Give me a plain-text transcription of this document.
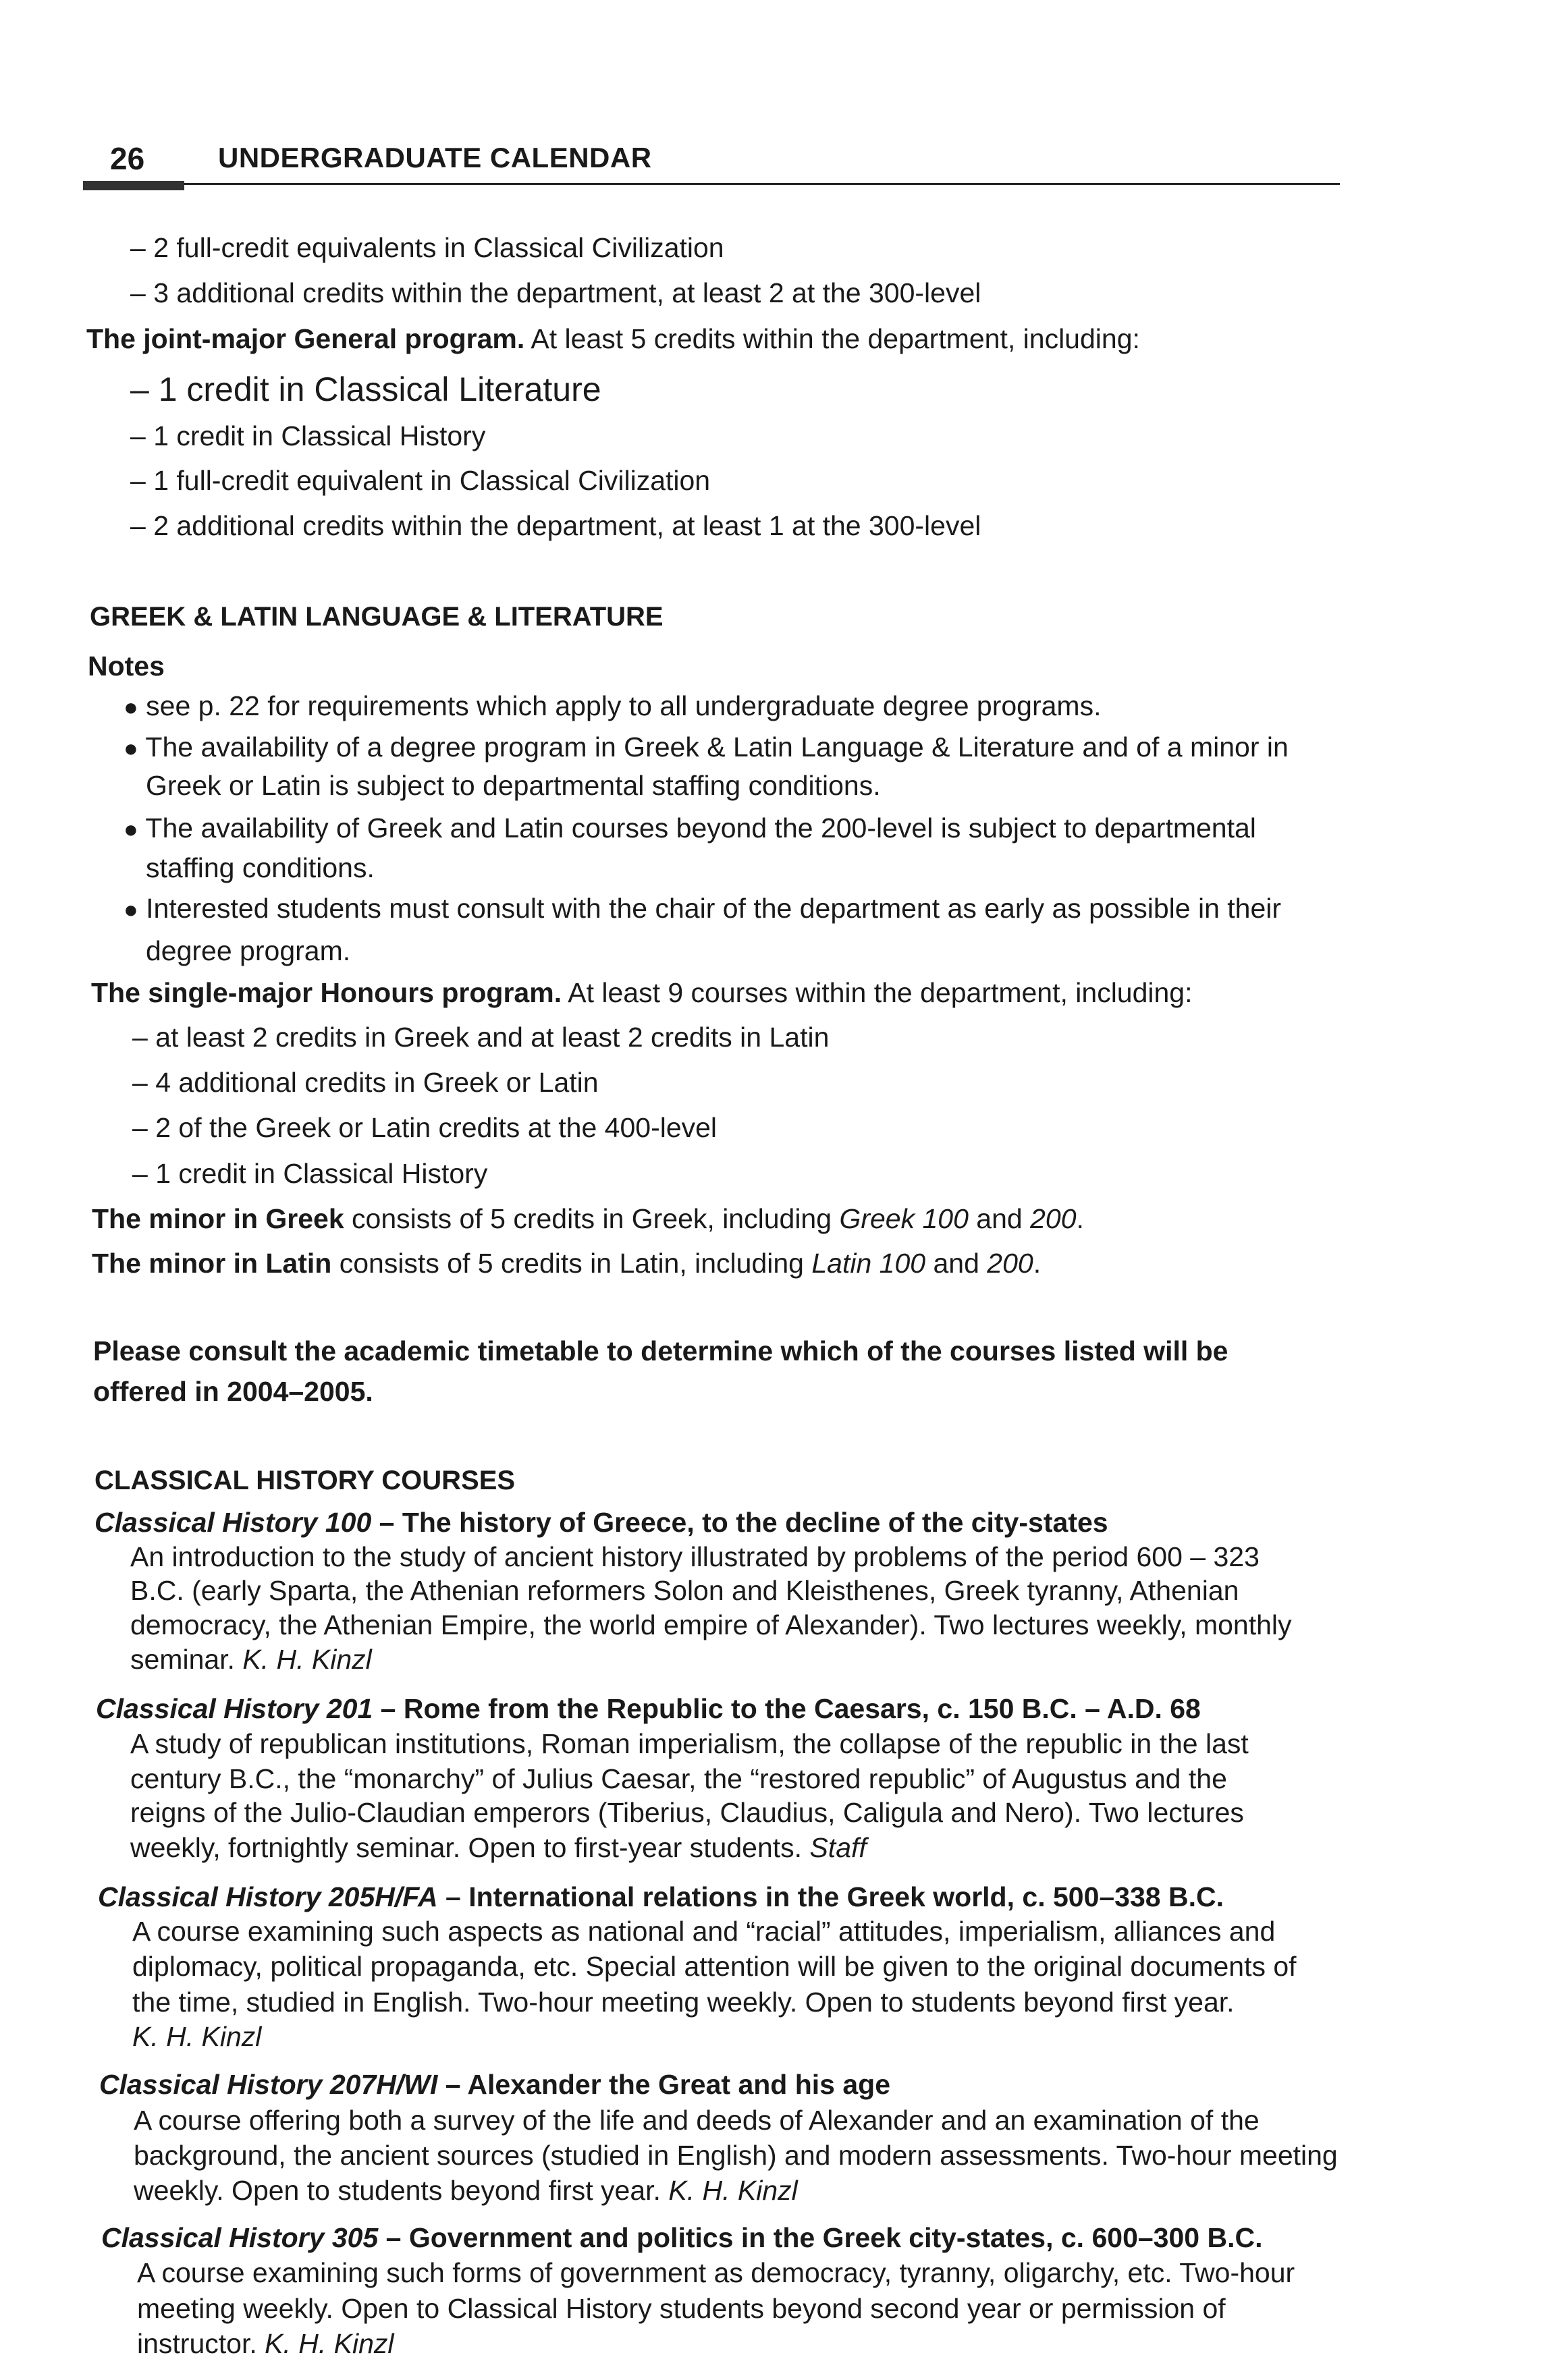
26	UNDERGRADUATE CALENDAR
– 2 full-credit equivalents in Classical Civilization
– 3 additional credits within the department, at least 2 at the 300-level
The joint-major General program. At least 5 credits within the department, including:
– 1 credit in Classical Literature
– 1 credit in Classical History
– 1 full-credit equivalent in Classical Civilization
– 2 additional credits within the department, at least 1 at the 300-level
GREEK & LATIN LANGUAGE & LITERATURE
Notes
● see p. 22 for requirements which apply to all undergraduate degree programs.
● The availability of a degree program in Greek & Latin Language & Literature and of a minor in
Greek or Latin is subject to departmental staffing conditions.
● The availability of Greek and Latin courses beyond the 200-level is subject to departmental
staffing conditions.
● Interested students must consult with the chair of the department as early as possible in their
degree program.
The single-major Honours program. At least 9 courses within the department, including:
– at least 2 credits in Greek and at least 2 credits in Latin
– 4 additional credits in Greek or Latin
– 2 of the Greek or Latin credits at the 400-level
– 1 credit in Classical History
The minor in Greek consists of 5 credits in Greek, including Greek 100 and 200.
The minor in Latin consists of 5 credits in Latin, including Latin 100 and 200.
Please consult the academic timetable to determine which of the courses listed will be
offered in 2004–2005.
CLASSICAL HISTORY COURSES
Classical History 100 – The history of Greece, to the decline of the city-states
An introduction to the study of ancient history illustrated by problems of the period 600 – 323
B.C. (early Sparta, the Athenian reformers Solon and Kleisthenes, Greek tyranny, Athenian
democracy, the Athenian Empire, the world empire of Alexander). Two lectures weekly, monthly
seminar. K. H. Kinzl
Classical History 201 – Rome from the Republic to the Caesars, c. 150 B.C. – A.D. 68
A study of republican institutions, Roman imperialism, the collapse of the republic in the last
century B.C., the “monarchy” of Julius Caesar, the “restored republic” of Augustus and the
reigns of the Julio-Claudian emperors (Tiberius, Claudius, Caligula and Nero). Two lectures
weekly, fortnightly seminar. Open to first-year students. Staff
Classical History 205H/FA – International relations in the Greek world, c. 500–338 B.C.
A course examining such aspects as national and “racial” attitudes, imperialism, alliances and
diplomacy, political propaganda, etc. Special attention will be given to the original documents of
the time, studied in English. Two-hour meeting weekly. Open to students beyond first year.
K. H. Kinzl
Classical History 207H/WI – Alexander the Great and his age
A course offering both a survey of the life and deeds of Alexander and an examination of the
background, the ancient sources (studied in English) and modern assessments. Two-hour meeting
weekly. Open to students beyond first year. K. H. Kinzl
Classical History 305 – Government and politics in the Greek city-states, c. 600–300 B.C.
A course examining such forms of government as democracy, tyranny, oligarchy, etc. Two-hour
meeting weekly. Open to Classical History students beyond second year or permission of
instructor. K. H. Kinzl
